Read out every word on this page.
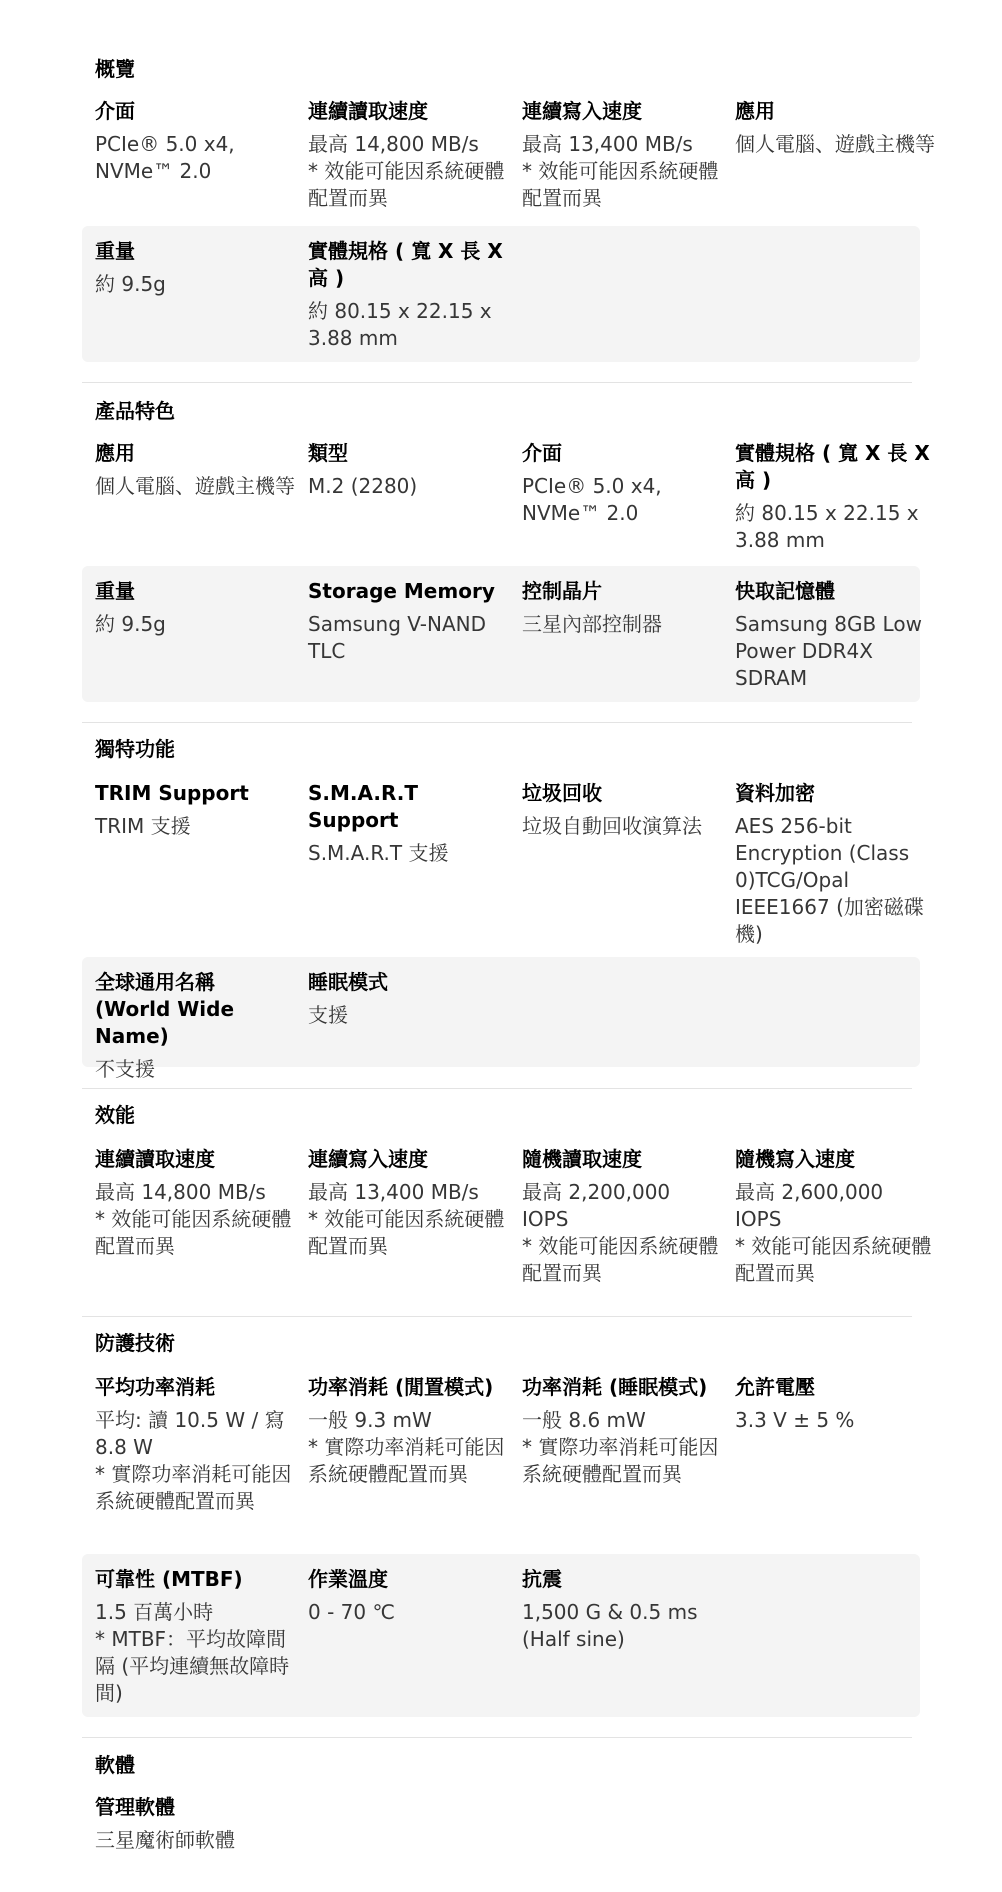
概覽
介面
PCIe® 5.0 x4,
NVMe™ 2.0
連續讀取速度
最高 14,800 MB/s
* 效能可能因系統硬體配置而異
連續寫入速度
最高 13,400 MB/s
* 效能可能因系統硬體配置而異
應用
個人電腦、遊戲主機等
重量
約 9.5g
實體規格 ( 寬 X 長 X 高 )
約 80.15 x 22.15 x 3.88 mm
產品特色
應用
個人電腦、遊戲主機等
類型
M.2 (2280)
介面
PCIe® 5.0 x4,
NVMe™ 2.0
實體規格 ( 寬 X 長 X 高 )
約 80.15 x 22.15 x 3.88 mm
重量
約 9.5g
Storage Memory
Samsung V-NAND TLC
控制晶片
三星內部控制器
快取記憶體
Samsung 8GB Low Power DDR4X SDRAM
獨特功能
TRIM Support
TRIM 支援
S.M.A.R.T Support
S.M.A.R.T 支援
垃圾回收
垃圾自動回收演算法
資料加密
AES 256-bit Encryption (Class 0)TCG/Opal IEEE1667 (加密磁碟機)
全球通用名稱 (World Wide Name)
不支援
睡眠模式
支援
效能
連續讀取速度
最高 14,800 MB/s
* 效能可能因系統硬體配置而異
連續寫入速度
最高 13,400 MB/s
* 效能可能因系統硬體配置而異
隨機讀取速度
最高 2,200,000 IOPS
* 效能可能因系統硬體配置而異
隨機寫入速度
最高 2,600,000 IOPS
* 效能可能因系統硬體配置而異
防護技術
平均功率消耗
平均: 讀 10.5 W / 寫 8.8 W
* 實際功率消耗可能因系統硬體配置而異
功率消耗 (閒置模式)
一般 9.3 mW
* 實際功率消耗可能因系統硬體配置而異
功率消耗 (睡眠模式)
一般 8.6 mW
* 實際功率消耗可能因系統硬體配置而異
允許電壓
3.3 V ± 5 %
可靠性 (MTBF)
1.5 百萬小時
* MTBF：平均故障間隔 (平均連續無故障時間)
作業溫度
0 - 70 ℃
抗震
1,500 G & 0.5 ms (Half sine)
軟體
管理軟體
三星魔術師軟體
